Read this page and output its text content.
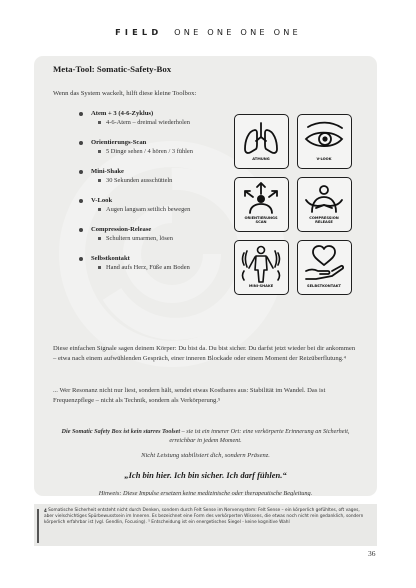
FIELD ONE ONE ONE ONE
Meta-Tool: Somatic-Safety-Box
Wenn das System wackelt, hilft diese kleine Toolbox:
Atem + 3 (4-6-Zyklus)
4-6-Atem – dreimal wiederholen
Orientierungs-Scan
5 Dinge sehen / 4 hören / 3 fühlen
Mini-Shake
30 Sekunden ausschütteln
V-Look
Augen langsam seitlich bewegen
Compression-Release
Schultern umarmen, lösen
Selbstkontakt
Hand aufs Herz, Füße am Boden
ATMUNG	V-LOOK
ORIENTIERUNGS
SCAN
COMPRESSION
RELEASE
MINI-SHAKE	SELBSTKONTAKT
Diese einfachen Signale sagen deinem Körper: Du bist da. Du bist sicher. Du darfst jetzt wieder bei dir ankommen – etwa nach einem aufwühlenden Gespräch, einer inneren Blockade oder einem Moment der Reizüberflutung.⁴
... Wer Resonanz nicht nur liest, sondern hält, sendet etwas Kostbares aus: Stabilität im Wandel. Das ist Frequenzpflege – nicht als Technik, sondern als Verkörperung.⁵
Die Somatic Safety Box ist kein starres Toolset – sie ist ein innerer Ort: eine verkörperte Erinnerung an Sicherheit, erreichbar in jedem Moment.
Nicht Leistung stabilisiert dich, sondern Präsenz.
„Ich bin hier. Ich bin sicher. Ich darf fühlen.“
Hinweis: Diese Impulse ersetzen keine medizinische oder therapeutische Begleitung.
4 Somatische Sicherheit entsteht nicht durch Denken, sondern durch Felt Sense im Nervensystem: Felt Sense – ein körperlich gefühltes, oft vages, aber vielschichtiges Spürbewusstsein im Inneren. Es bezeichnet eine Form des verkörperten Wissens, die etwas noch nicht rein gedanklich, sondern körperlich erfahrbar ist (vgl. Gendlin, Focusing). ⁵ Entscheidung ist ein energetisches Siegel - keine kognitive Wahl
36
